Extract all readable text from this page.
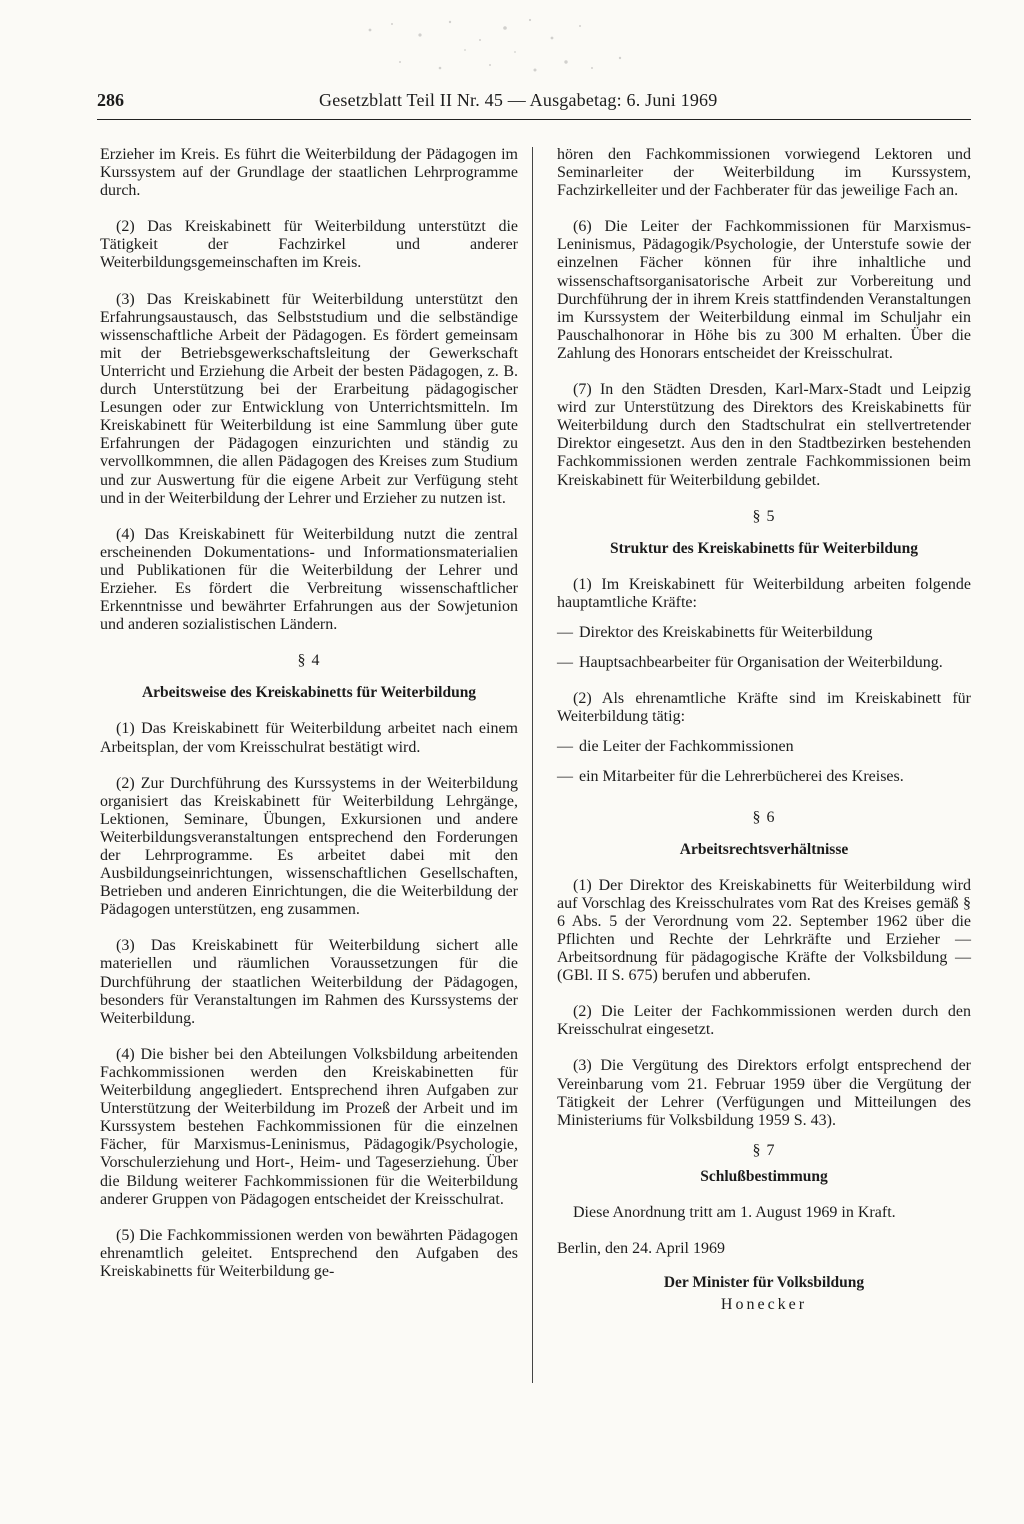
286	Gesetzblatt Teil II Nr. 45 — Ausgabetag: 6. Juni 1969

Erzieher im Kreis. Es führt die Weiterbildung der Pädagogen im Kurssystem auf der Grundlage der staatlichen Lehrprogramme durch.

(2) Das Kreiskabinett für Weiterbildung unterstützt die Tätigkeit der Fachzirkel und anderer Weiterbildungsgemeinschaften im Kreis.

(3) Das Kreiskabinett für Weiterbildung unterstützt den Erfahrungsaustausch, das Selbststudium und die selbständige wissenschaftliche Arbeit der Pädagogen. Es fördert gemeinsam mit der Betriebsgewerkschaftsleitung der Gewerkschaft Unterricht und Erziehung die Arbeit der besten Pädagogen, z. B. durch Unterstützung bei der Erarbeitung pädagogischer Lesungen oder zur Entwicklung von Unterrichtsmitteln. Im Kreiskabinett für Weiterbildung ist eine Sammlung über gute Erfahrungen der Pädagogen einzurichten und ständig zu vervollkommnen, die allen Pädagogen des Kreises zum Studium und zur Auswertung für die eigene Arbeit zur Verfügung steht und in der Weiterbildung der Lehrer und Erzieher zu nutzen ist.

(4) Das Kreiskabinett für Weiterbildung nutzt die zentral erscheinenden Dokumentations- und Informationsmaterialien und Publikationen für die Weiterbildung der Lehrer und Erzieher. Es fördert die Verbreitung wissenschaftlicher Erkenntnisse und bewährter Erfahrungen aus der Sowjetunion und anderen sozialistischen Ländern.

§ 4
Arbeitsweise des Kreiskabinetts für Weiterbildung

(1) Das Kreiskabinett für Weiterbildung arbeitet nach einem Arbeitsplan, der vom Kreisschulrat bestätigt wird.

(2) Zur Durchführung des Kurssystems in der Weiterbildung organisiert das Kreiskabinett für Weiterbildung Lehrgänge, Lektionen, Seminare, Übungen, Exkursionen und andere Weiterbildungsveranstaltungen entsprechend den Forderungen der Lehrprogramme. Es arbeitet dabei mit den Ausbildungseinrichtungen, wissenschaftlichen Gesellschaften, Betrieben und anderen Einrichtungen, die die Weiterbildung der Pädagogen unterstützen, eng zusammen.

(3) Das Kreiskabinett für Weiterbildung sichert alle materiellen und räumlichen Voraussetzungen für die Durchführung der staatlichen Weiterbildung der Pädagogen, besonders für Veranstaltungen im Rahmen des Kurssystems der Weiterbildung.

(4) Die bisher bei den Abteilungen Volksbildung arbeitenden Fachkommissionen werden den Kreiskabinetten für Weiterbildung angegliedert. Entsprechend ihren Aufgaben zur Unterstützung der Weiterbildung im Prozeß der Arbeit und im Kurssystem bestehen Fachkommissionen für die einzelnen Fächer, für Marxismus-Leninismus, Pädagogik/Psychologie, Vorschulerziehung und Hort-, Heim- und Tageserziehung. Über die Bildung weiterer Fachkommissionen für die Weiterbildung anderer Gruppen von Pädagogen entscheidet der Kreisschulrat.

(5) Die Fachkommissionen werden von bewährten Pädagogen ehrenamtlich geleitet. Entsprechend den Aufgaben des Kreiskabinetts für Weiterbildung ge-

hören den Fachkommissionen vorwiegend Lektoren und Seminarleiter der Weiterbildung im Kurssystem, Fachzirkelleiter und der Fachberater für das jeweilige Fach an.

(6) Die Leiter der Fachkommissionen für Marxismus-Leninismus, Pädagogik/Psychologie, der Unterstufe sowie der einzelnen Fächer können für ihre inhaltliche und wissenschaftsorganisatorische Arbeit zur Vorbereitung und Durchführung der in ihrem Kreis stattfindenden Veranstaltungen im Kurssystem der Weiterbildung einmal im Schuljahr ein Pauschalhonorar in Höhe bis zu 300 M erhalten. Über die Zahlung des Honorars entscheidet der Kreisschulrat.

(7) In den Städten Dresden, Karl-Marx-Stadt und Leipzig wird zur Unterstützung des Direktors des Kreiskabinetts für Weiterbildung durch den Stadtschulrat ein stellvertretender Direktor eingesetzt. Aus den in den Stadtbezirken bestehenden Fachkommissionen werden zentrale Fachkommissionen beim Kreiskabinett für Weiterbildung gebildet.

§ 5
Struktur des Kreiskabinetts für Weiterbildung

(1) Im Kreiskabinett für Weiterbildung arbeiten folgende hauptamtliche Kräfte:

— Direktor des Kreiskabinetts für Weiterbildung
— Hauptsachbearbeiter für Organisation der Weiterbildung.

(2) Als ehrenamtliche Kräfte sind im Kreiskabinett für Weiterbildung tätig:

— die Leiter der Fachkommissionen
— ein Mitarbeiter für die Lehrerbücherei des Kreises.
§ 6
Arbeitsrechtsverhältnisse

(1) Der Direktor des Kreiskabinetts für Weiterbildung wird auf Vorschlag des Kreisschulrates vom Rat des Kreises gemäß § 6 Abs. 5 der Verordnung vom 22. September 1962 über die Pflichten und Rechte der Lehrkräfte und Erzieher — Arbeitsordnung für pädagogische Kräfte der Volksbildung — (GBl. II S. 675) berufen und abberufen.

(2) Die Leiter der Fachkommissionen werden durch den Kreisschulrat eingesetzt.

(3) Die Vergütung des Direktors erfolgt entsprechend der Vereinbarung vom 21. Februar 1959 über die Vergütung der Tätigkeit der Lehrer (Verfügungen und Mitteilungen des Ministeriums für Volksbildung 1959 S. 43).

§ 7
Schlußbestimmung

Diese Anordnung tritt am 1. August 1969 in Kraft.

Berlin, den 24. April 1969

Der Minister für Volksbildung
Honecker
